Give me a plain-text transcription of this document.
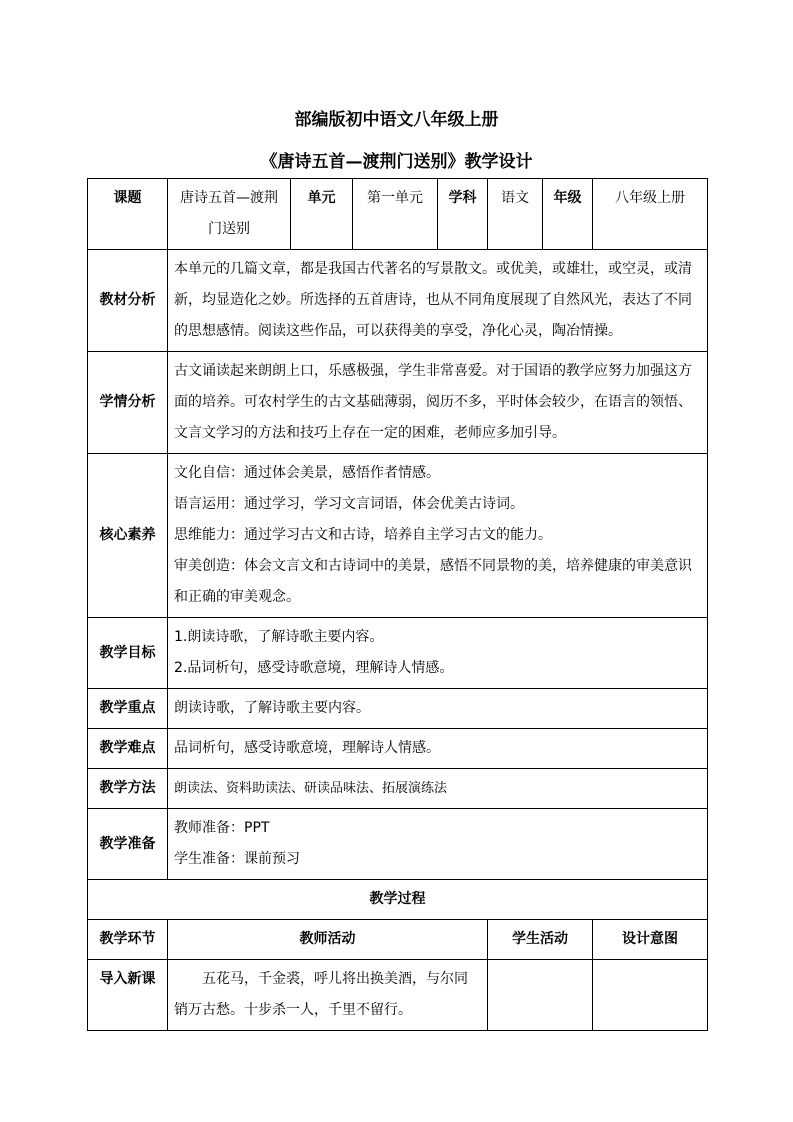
部编版初中语文八年级上册
《唐诗五首—渡荆门送别》教学设计
课题	唐诗五首—渡荆门送别	单元	第一单元	学科	语文	年级	八年级上册
教材分析	本单元的几篇文章，都是我国古代著名的写景散文。或优美，或雄壮，或空灵，或清新，均显造化之妙。所选择的五首唐诗，也从不同角度展现了自然风光，表达了不同的思想感情。阅读这些作品，可以获得美的享受，净化心灵，陶冶情操。						
学情分析	古文诵读起来朗朗上口，乐感极强，学生非常喜爱。对于国语的教学应努力加强这方面的培养。可农村学生的古文基础薄弱，阅历不多，平时体会较少，在语言的领悟、文言文学习的方法和技巧上存在一定的困难，老师应多加引导。						
核心素养	文化自信：通过体会美景，感悟作者情感。
语言运用：通过学习，学习文言词语，体会优美古诗词。
思维能力：通过学习古文和古诗，培养自主学习古文的能力。
审美创造：体会文言文和古诗词中的美景，感悟不同景物的美，培养健康的审美意识和正确的审美观念。						

教学目标	1.朗读诗歌，了解诗歌主要内容。
2.品词析句，感受诗歌意境，理解诗人情感。						

教学重点	朗读诗歌，了解诗歌主要内容。						
教学难点	品词析句，感受诗歌意境，理解诗人情感。						
教学方法	朗读法、资料助读法、研读品味法、拓展演练法						
教学准备	教师准备：PPT
学生准备：课前预习						

教学过程							
教学环节	教师活动				学生活动		设计意图
导入新课	五花马，千金裘，呼儿将出换美酒，与尔同销万古愁。十步杀一人，千里不留行。						
